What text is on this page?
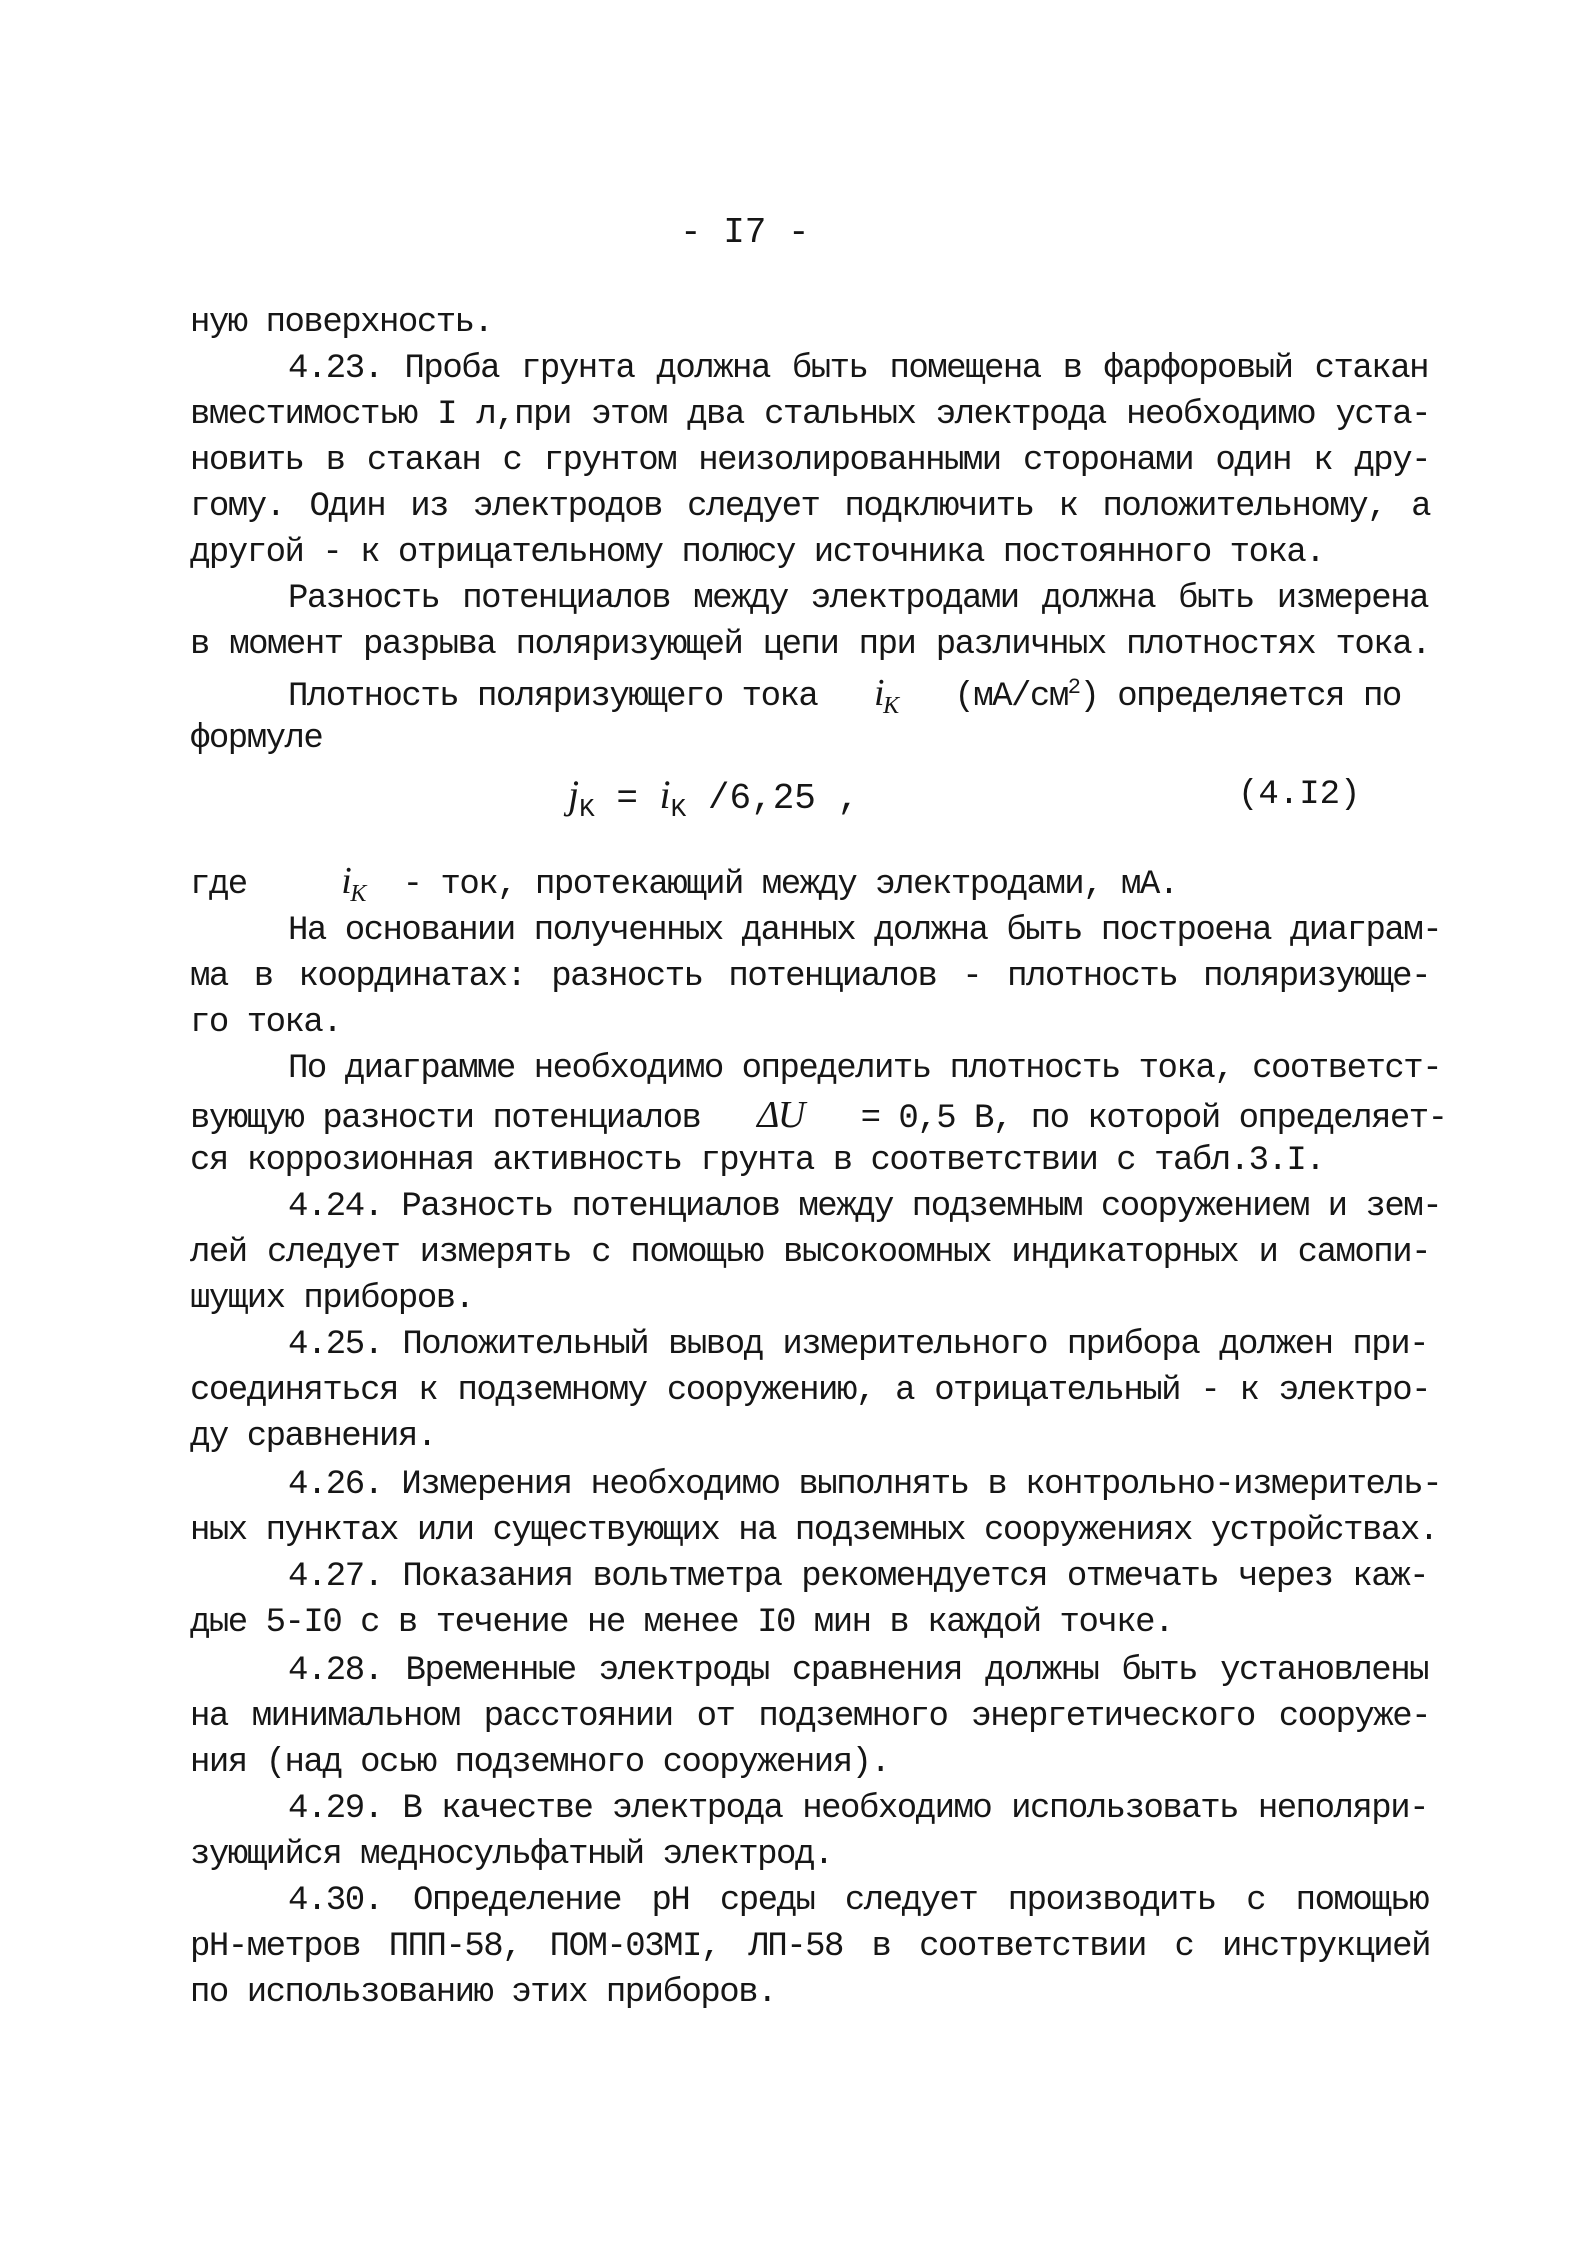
- I7 -
ную поверхность.
4.23. Проба грунта должна быть помещена в фарфоровый стакан
вместимостью I л,при этом два стальных электрода необходимо уста-
новить в стакан с грунтом неизолированными сторонами один к дру-
гому. Один из электродов следует подключить к положительному, а
другой - к отрицательному полюсу источника постоянного тока.
Разность потенциалов между электродами должна быть измерена
в момент разрыва поляризующей цепи при различных плотностях тока.
Плотность поляризующего тока $i_K$ $(мА/см^2)$ определяется по
формуле
$j_K = i_K$ /6,25 ,	(4.I2)
где $i_K$ - ток, протекающий между электродами, мА.
На основании полученных данных должна быть построена диаграм-
ма в координатах: разность потенциалов - плотность поляризующе-
го тока.
По диаграмме необходимо определить плотность тока, соответст-
вующую разности потенциалов ΔU = 0,5 В, по которой определяет-
ся коррозионная активность грунта в соответствии с табл.3.I.
4.24. Разность потенциалов между подземным сооружением и зем-
лей следует измерять с помощью высокоомных индикаторных и самопи-
шущих приборов.
4.25. Положительный вывод измерительного прибора должен при-
соединяться к подземному сооружению, а отрицательный - к электро-
ду сравнения.
4.26. Измерения необходимо выполнять в контрольно-измеритель-
ных пунктах или существующих на подземных сооружениях устройствах.
4.27. Показания вольтметра рекомендуется отмечать через каж-
дые 5-I0 с в течение не менее I0 мин в каждой точке.
4.28. Временные электроды сравнения должны быть установлены
на минимальном расстоянии от подземного энергетического сооруже-
ния (над осью подземного сооружения).
4.29. В качестве электрода необходимо использовать неполяри-
зующийся медносульфатный электрод.
4.30. Определение pH среды следует производить с помощью
pH-метров ППП-58, ПОМ-03МI, ЛП-58 в соответствии с инструкцией
по использованию этих приборов.
